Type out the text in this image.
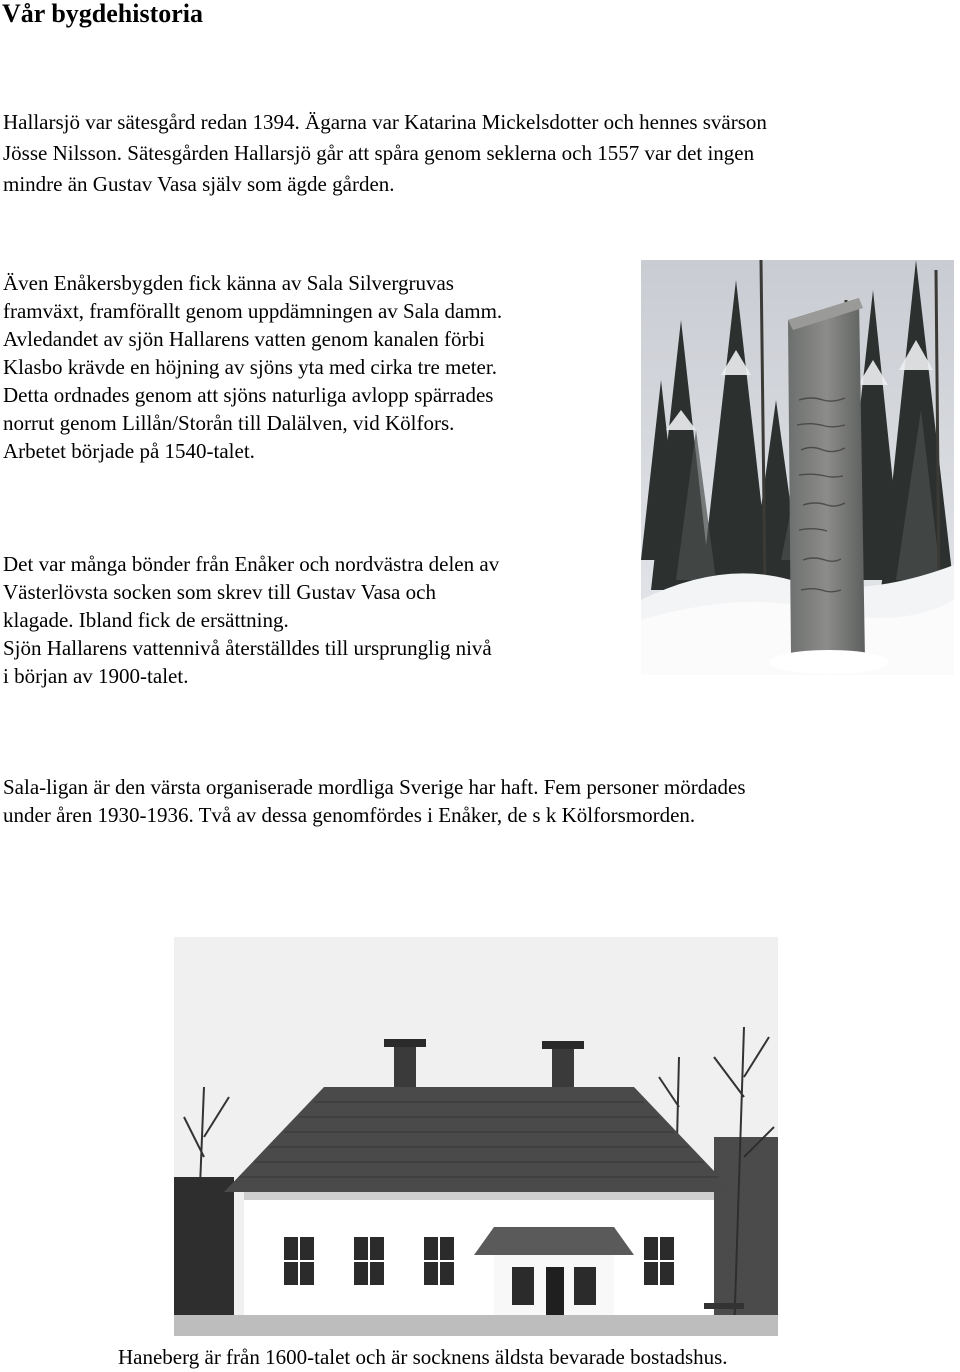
Vår bygdehistoria

Hallarsjö var sätesgård redan 1394. Ägarna var Katarina Mickelsdotter och hennes svärson
Jösse Nilsson. Sätesgården Hallarsjö går att spåra genom seklerna och 1557 var det ingen
mindre än Gustav Vasa själv som ägde gården.

Även Enåkersbygden fick känna av Sala Silvergruvas
framväxt, framförallt genom uppdämningen av Sala damm.
Avledandet av sjön Hallarens vatten genom kanalen förbi
Klasbo krävde en höjning av sjöns yta med cirka tre meter.
Detta ordnades genom att sjöns naturliga avlopp spärrades
norrut genom Lillån/Storån till Dalälven, vid Kölfors.
Arbetet började på 1540-talet.

Det var många bönder från Enåker och nordvästra delen av
Västerlövsta socken som skrev till Gustav Vasa och
klagade. Ibland fick de ersättning.
Sjön Hallarens vattennivå återställdes till ursprunglig nivå
i början av 1900-talet.

Sala-ligan är den värsta organiserade mordliga Sverige har haft. Fem personer mördades
under åren 1930-1936. Två av dessa genomfördes i Enåker, de s k Kölforsmorden.

Haneberg är från 1600-talet och är socknens äldsta bevarade bostadshus.
